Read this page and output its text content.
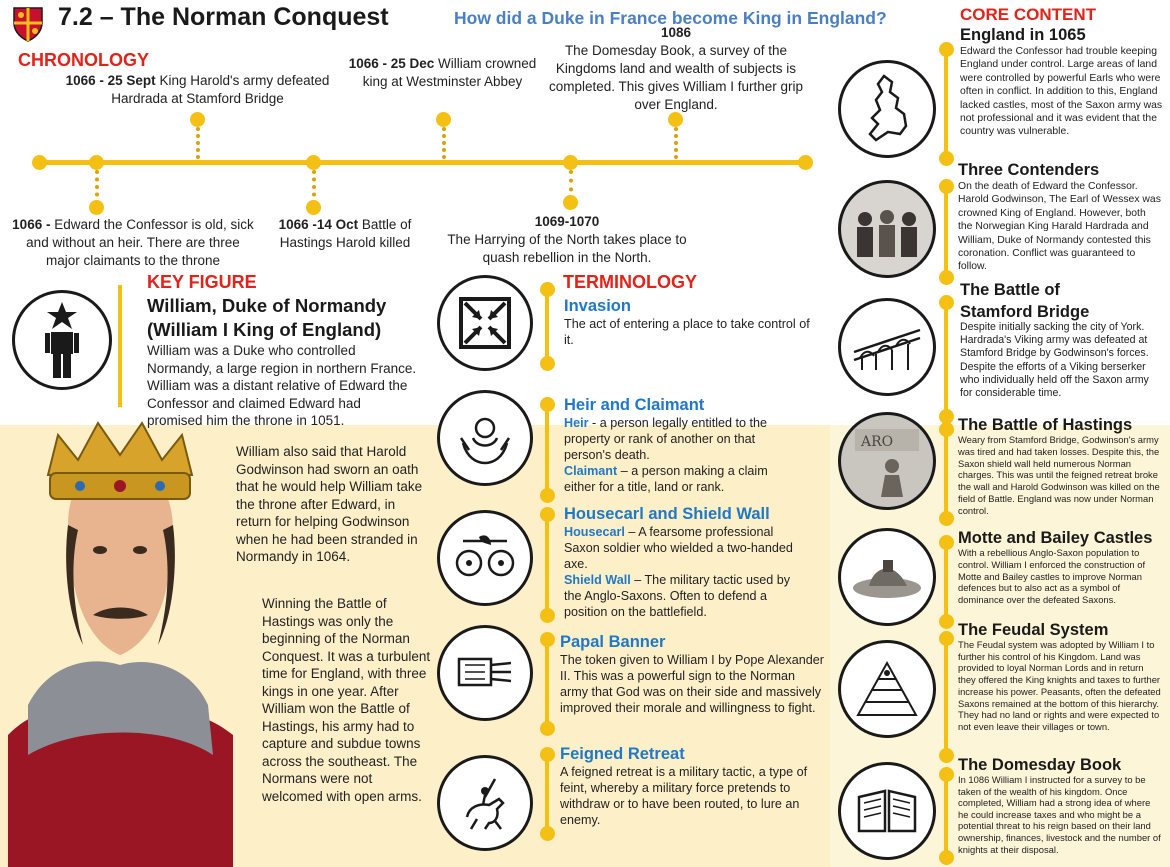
7.2 – The Norman Conquest	How did a Duke in France become King in England?
CHRONOLOGY
1066 - 25 Sept King Harold's army defeated Hardrada at Stamford Bridge
1066 - 25 Dec William crowned king at Westminster Abbey
1086
The Domesday Book, a survey of the Kingdoms land and wealth of subjects is completed. This gives William I further grip over England.
1066 - Edward the Confessor is old, sick and without an heir. There are three major claimants to the throne
1066 -14 Oct Battle of Hastings Harold killed
1069-1070
The Harrying of the North takes place to quash rebellion in the North.
KEY FIGURE
William, Duke of Normandy
(William I King of England)
William was a Duke who controlled Normandy, a large region in northern France. William was a distant relative of Edward the Confessor and claimed Edward had promised him the throne in 1051.
William also said that Harold Godwinson had sworn an oath that he would help William take the throne after Edward, in return for helping Godwinson when he had been stranded in Normandy in 1064.
Winning the Battle of Hastings was only the beginning of the Norman Conquest. It was a turbulent time for England, with three kings in one year. After William won the Battle of Hastings, his army had to capture and subdue towns across the southeast. The Normans were not welcomed with open arms.
TERMINOLOGY
Invasion
The act of entering a place to take control of it.
Heir and Claimant
Heir - a person legally entitled to the property or rank of another on that person's death.
Claimant – a person making a claim either for a title, land or rank.
Housecarl and Shield Wall
Housecarl – A fearsome professional Saxon soldier who wielded a two-handed axe.
Shield Wall – The military tactic used by the Anglo-Saxons. Often to defend a position on the battlefield.
Papal Banner
The token given to William I by Pope Alexander II. This was a powerful sign to the Norman army that God was on their side and massively improved their morale and willingness to fight.
Feigned Retreat
A feigned retreat is a military tactic, a type of feint, whereby a military force pretends to withdraw or to have been routed, to lure an enemy.
CORE CONTENT
ARO
England in 1065
Edward the Confessor had trouble keeping England under control. Large areas of land were controlled by powerful Earls who were often in conflict. In addition to this, England lacked castles, most of the Saxon army was not professional and it was evident that the country was vulnerable.
Three Contenders
On the death of Edward the Confessor. Harold Godwinson, The Earl of Wessex was crowned King of England. However, both the Norwegian King Harald Hardrada and William, Duke of Normandy contested this coronation. Conflict was guaranteed to follow.
The Battle of
Stamford Bridge
Despite initially sacking the city of York. Hardrada's Viking army was defeated at Stamford Bridge by Godwinson's forces. Despite the efforts of a Viking berserker who individually held off the Saxon army for considerable time.
The Battle of Hastings
Weary from Stamford Bridge, Godwinson's army was tired and had taken losses. Despite this, the Saxon shield wall held numerous Norman charges. This was until the feigned retreat broke the wall and Harold Godwinson was killed on the field of Battle. England was now under Norman control.
Motte and Bailey Castles
With a rebellious Anglo-Saxon population to control. William I enforced the construction of Motte and Bailey castles to improve Norman defences but to also act as a symbol of dominance over the defeated Saxons.
The Feudal System
The Feudal system was adopted by William I to further his control of his Kingdom. Land was provided to loyal Norman Lords and in return they offered the King knights and taxes to further increase his power. Peasants, often the defeated Saxons remained at the bottom of this hierarchy. They had no land or rights and were expected to not even leave their villages or town.
The Domesday Book
In 1086 William I instructed for a survey to be taken of the wealth of his kingdom. Once completed, William had a strong idea of where he could increase taxes and who might be a potential threat to his reign based on their land ownership, finances, livestock and the number of knights at their disposal.
